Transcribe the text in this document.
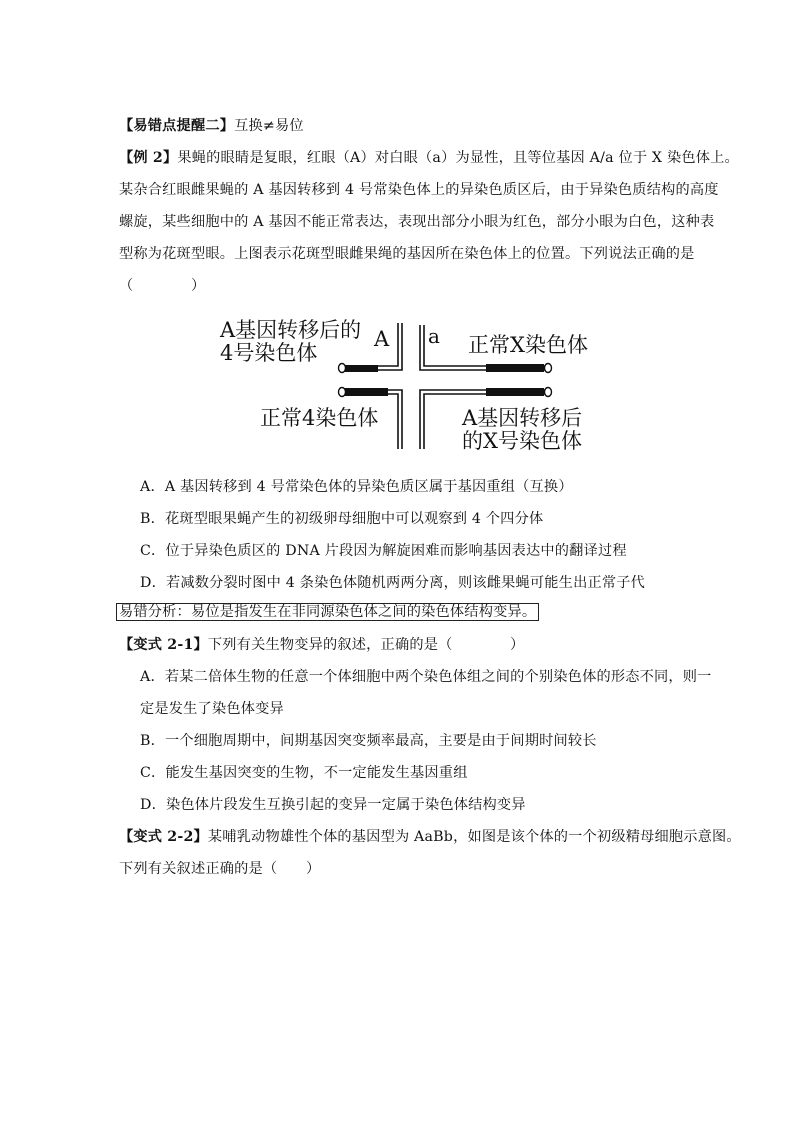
【易错点提醒二】互换≠易位
【例 2】果蝇的眼睛是复眼，红眼（A）对白眼（a）为显性，且等位基因 A/a 位于 X 染色体上。
某杂合红眼雌果蝇的 A 基因转移到 4 号常染色体上的异染色质区后，由于异染色质结构的高度
螺旋，某些细胞中的 A 基因不能正常表达，表现出部分小眼为红色，部分小眼为白色，这种表
型称为花斑型眼。上图表示花斑型眼雌果绳的基因所在染色体上的位置。下列说法正确的是
（　　　　）
A基因转移后的
4号染色体
A a 正常X染色体
正常4染色体	A基因转移后
的X号染色体
A．A 基因转移到 4 号常染色体的异染色质区属于基因重组（互换）
B．花斑型眼果蝇产生的初级卵母细胞中可以观察到 4 个四分体
C．位于异染色质区的 DNA 片段因为解旋困难而影响基因表达中的翻译过程
D．若减数分裂时图中 4 条染色体随机两两分离，则该雌果蝇可能生出正常子代
易错分析：易位是指发生在非同源染色体之间的染色体结构变异。
【变式 2-1】下列有关生物变异的叙述，正确的是（　　　　）
A．若某二倍体生物的任意一个体细胞中两个染色体组之间的个别染色体的形态不同，则一
定是发生了染色体变异
B．一个细胞周期中，间期基因突变频率最高，主要是由于间期时间较长
C．能发生基因突变的生物，不一定能发生基因重组
D．染色体片段发生互换引起的变异一定属于染色体结构变异
【变式 2-2】某哺乳动物雄性个体的基因型为 AaBb，如图是该个体的一个初级精母细胞示意图。
下列有关叙述正确的是（　　）
